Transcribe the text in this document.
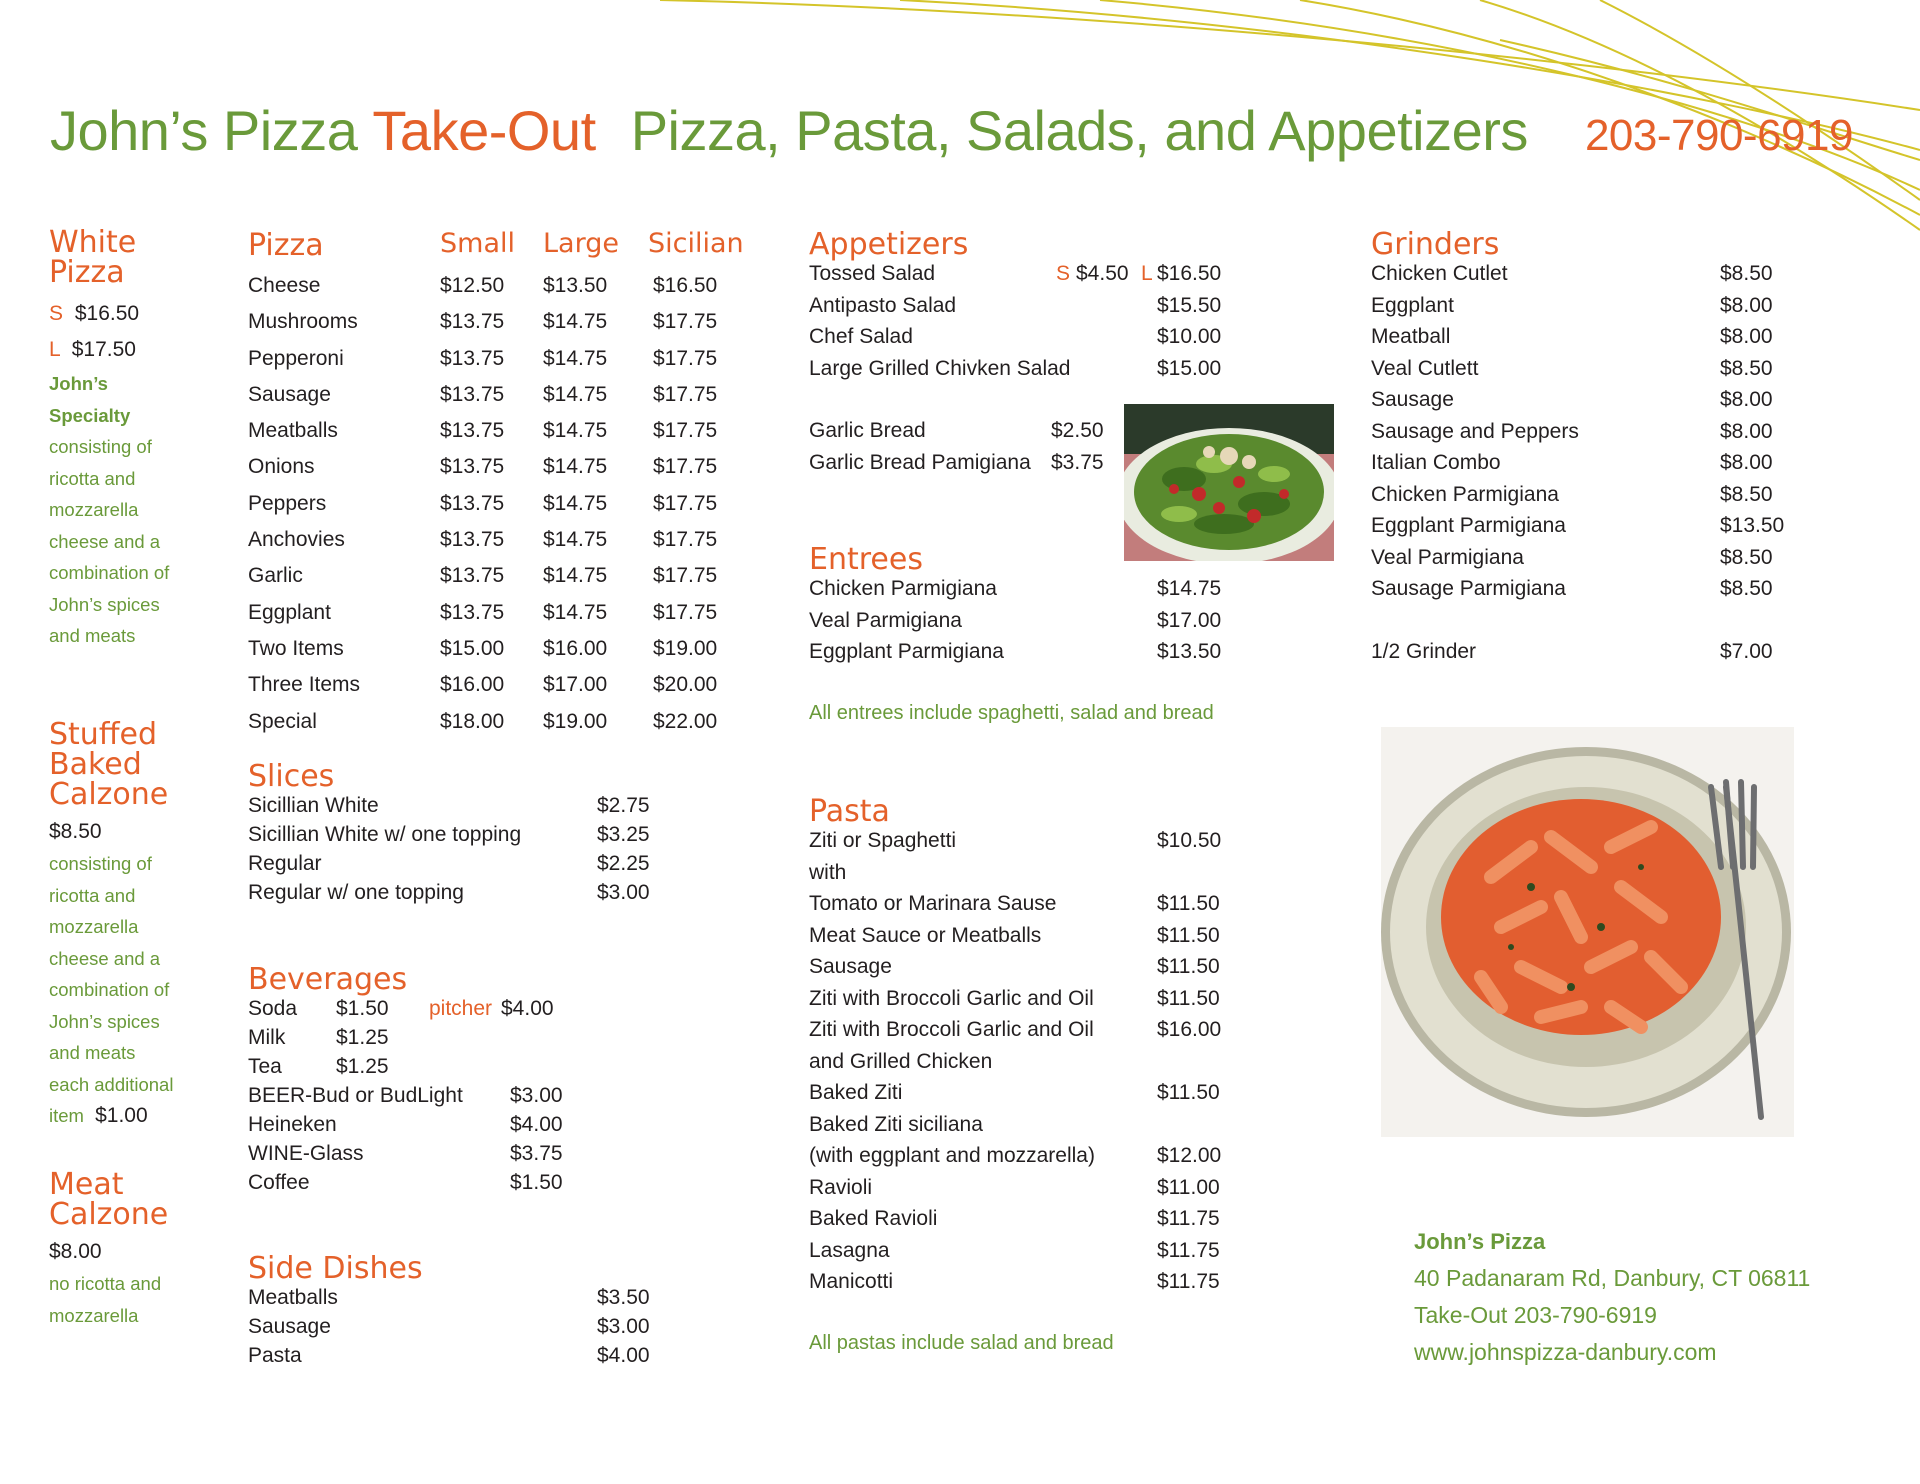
John’s Pizza Take-Out Pizza, Pasta, Salads, and Appetizers 203-790-6919
White
Pizza
S $16.50
L $17.50
John’s
Specialty
consisting of
ricotta and
mozzarella
cheese and a
combination of
John’s spices
and meats
Stuffed
Baked
Calzone
$8.50
consisting of
ricotta and
mozzarella
cheese and a
combination of
John’s spices
and meats
each additional
item $1.00
Meat
Calzone
$8.00
no ricotta and
mozzarella
Pizza	Small Large Sicilian
Cheese	$12.50 $13.50 $16.50
Mushrooms	$13.75 $14.75 $17.75
Pepperoni	$13.75 $14.75 $17.75
Sausage	$13.75 $14.75 $17.75
Meatballs	$13.75 $14.75 $17.75
Onions	$13.75 $14.75 $17.75
Peppers	$13.75 $14.75 $17.75
Anchovies	$13.75 $14.75 $17.75
Garlic	$13.75 $14.75 $17.75
Eggplant	$13.75 $14.75 $17.75
Two Items	$15.00 $16.00 $19.00
Three Items	$16.00 $17.00 $20.00
Special	$18.00 $19.00 $22.00
Slices
Sicillian White	$2.75
Sicillian White w/ one topping	$3.25
Regular	$2.25
Regular w/ one topping	$3.00
Beverages
Soda $1.50 pitcher $4.00
Milk $1.25
Tea	$1.25
BEER-Bud or BudLight $3.00
Heineken	$4.00
WINE-Glass	$3.75
Coffee	$1.50
Side Dishes
Meatballs	$3.50
Sausage	$3.00
Pasta	$4.00
Appetizers
Tossed Salad	S $4.50 L $16.50
Antipasto Salad	$15.50
Chef Salad	$10.00
Large Grilled Chivken Salad	$15.00
Garlic Bread	$2.50
Garlic Bread Pamigiana $3.75
Entrees
Chicken Parmigiana	$14.75
Veal Parmigiana	$17.00
Eggplant Parmigiana	$13.50
All entrees include spaghetti, salad and bread
Pasta
Ziti or Spaghetti	$10.50
with
Tomato or Marinara Sause	$11.50
Meat Sauce or Meatballs	$11.50
Sausage	$11.50
Ziti with Broccoli Garlic and Oil	$11.50
Ziti with Broccoli Garlic and Oil	$16.00
and Grilled Chicken
Baked Ziti	$11.50
Baked Ziti siciliana
(with eggplant and mozzarella)	$12.00
Ravioli	$11.00
Baked Ravioli	$11.75
Lasagna	$11.75
Manicotti	$11.75
All pastas include salad and bread
Grinders
Chicken Cutlet	$8.50
Eggplant	$8.00
Meatball	$8.00
Veal Cutlett	$8.50
Sausage	$8.00
Sausage and Peppers	$8.00
Italian Combo	$8.00
Chicken Parmigiana	$8.50
Eggplant Parmigiana	$13.50
Veal Parmigiana	$8.50
Sausage Parmigiana	$8.50
1/2 Grinder	$7.00
John’s Pizza
40 Padanaram Rd, Danbury, CT 06811
Take-Out 203-790-6919
www.johnspizza-danbury.com
